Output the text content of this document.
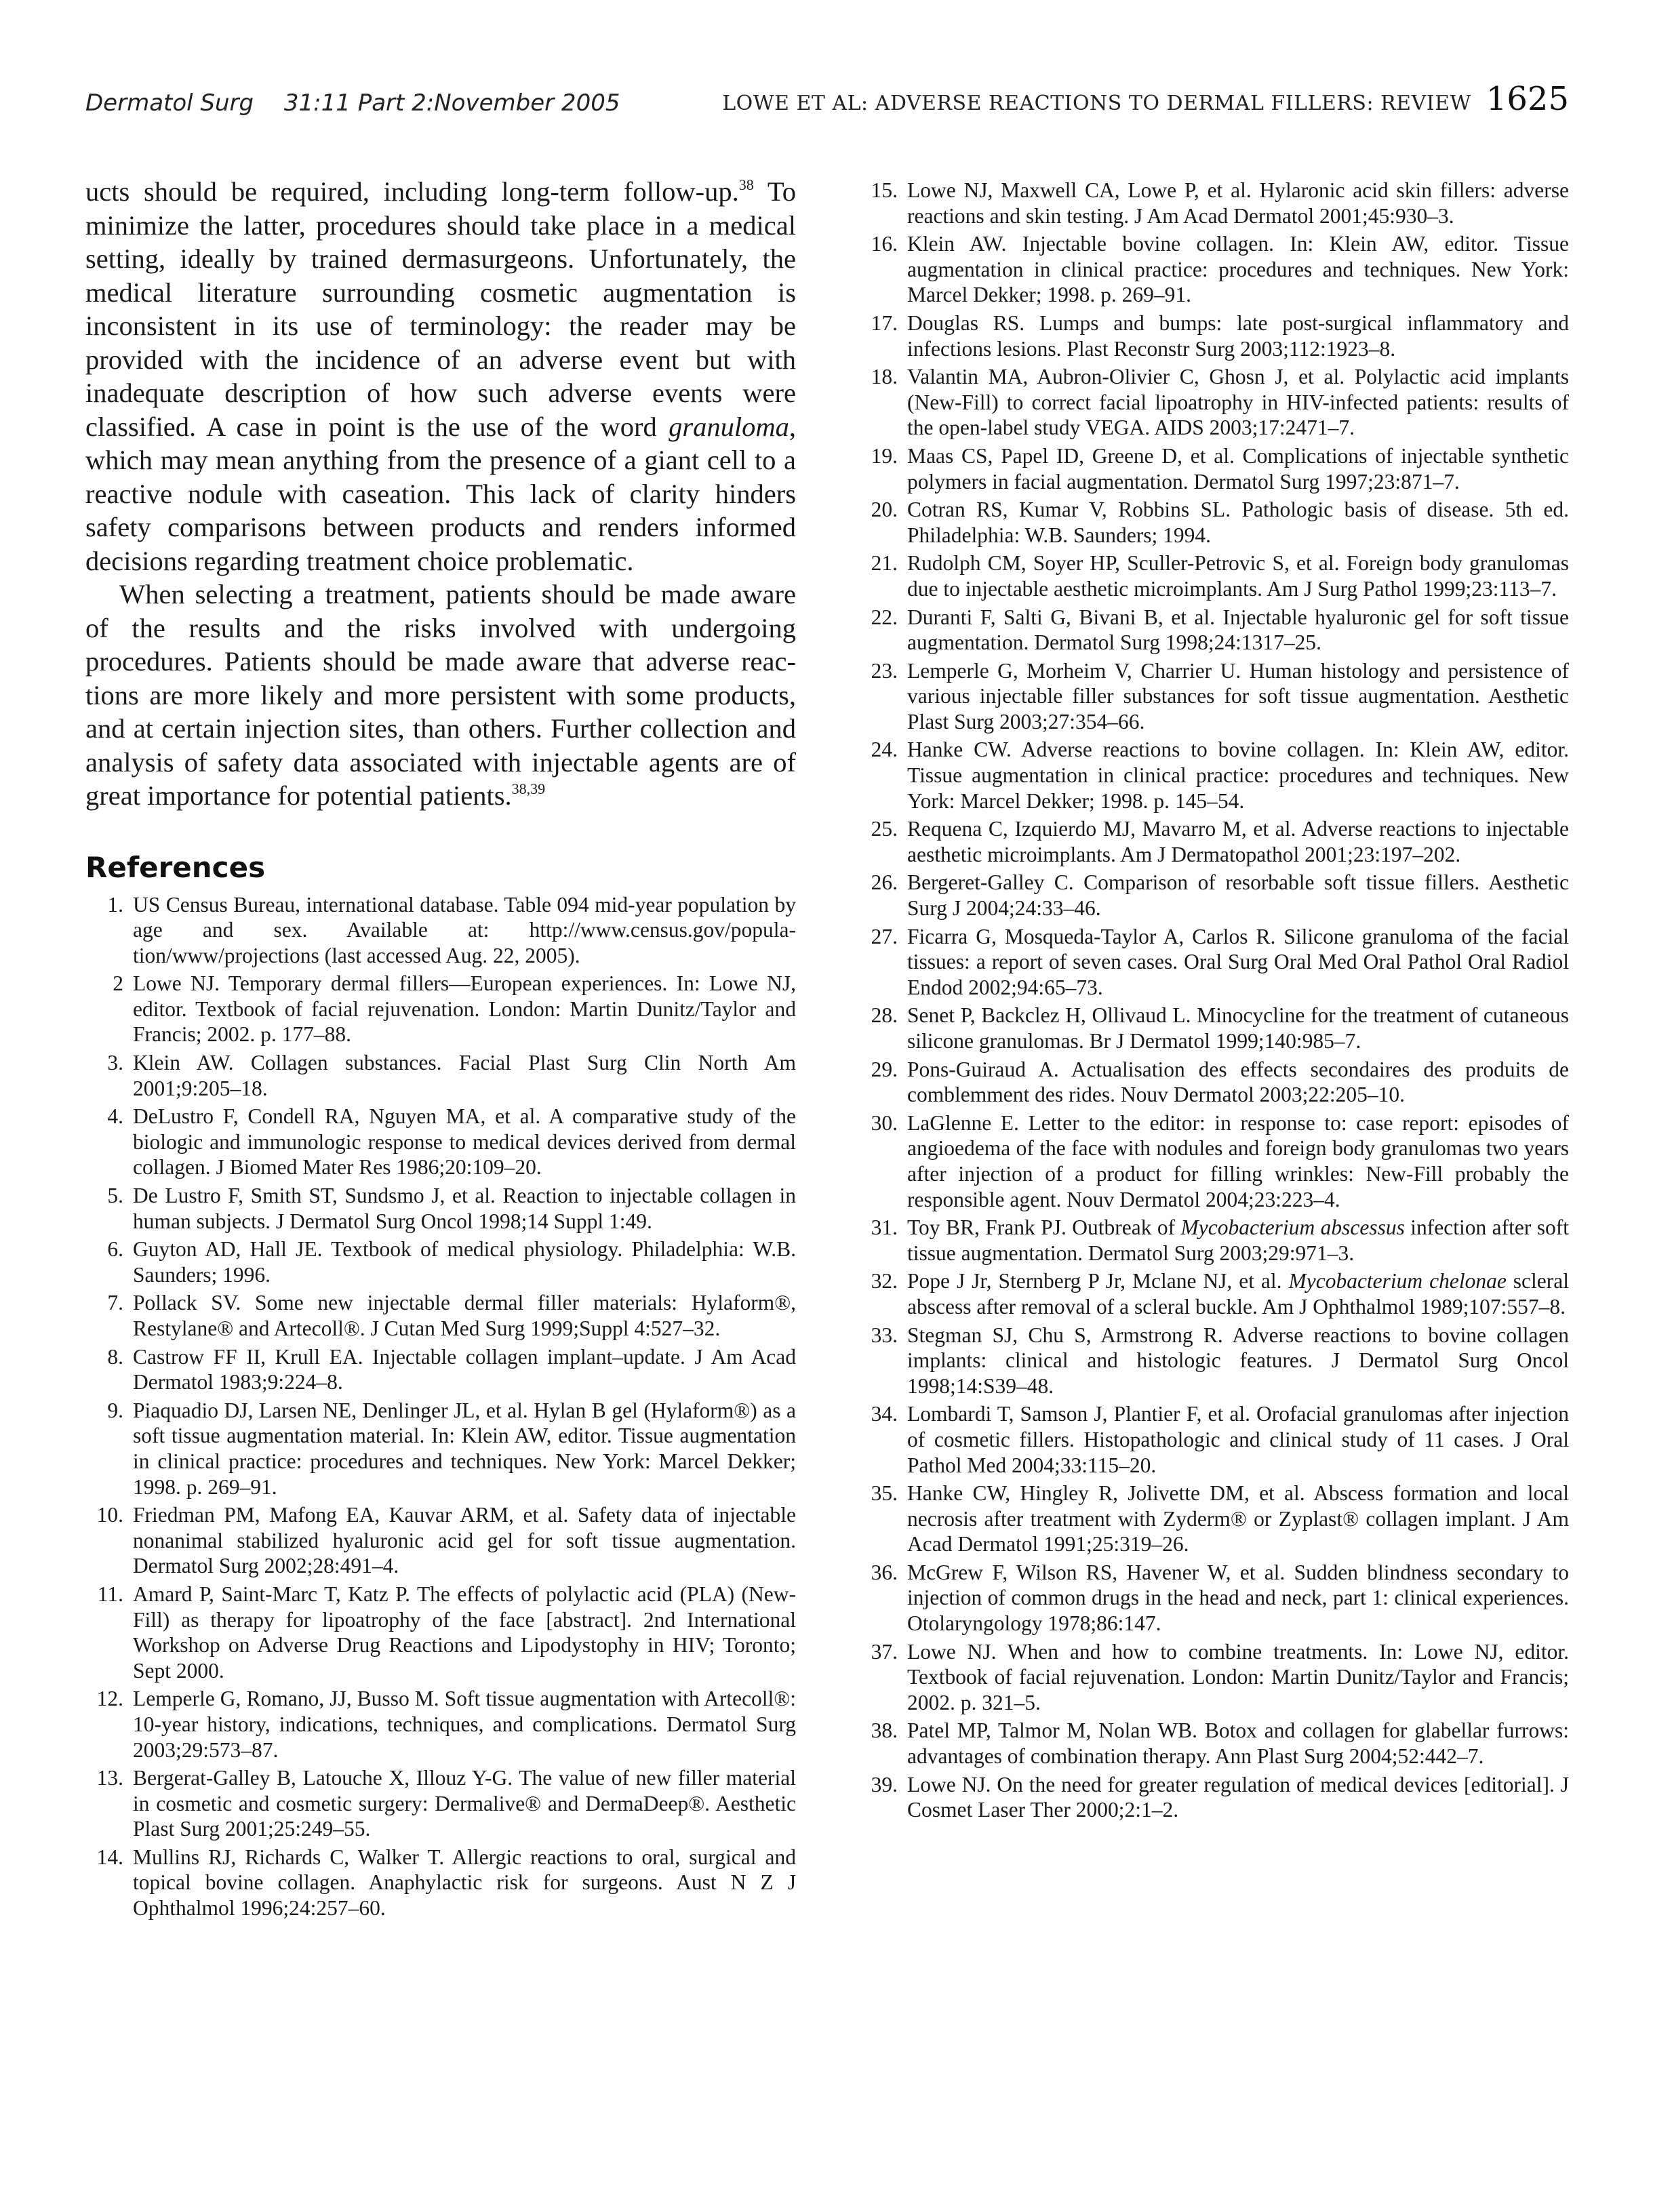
Dermatol Surg  31:11 Part 2:November 2005	LOWE ET AL: ADVERSE REACTIONS TO DERMAL FILLERS: REVIEW 1625

ucts should be required, including long-term follow-up.$^{38}$ To minimize the latter, procedures should take place in a medical setting, ideally by trained dermasurgeons. Unfortunately, the medical literature surrounding cosmetic augmentation is inconsistent in its use of terminology: the reader may be provided with the incidence of an adverse event but with inadequate description of how such adverse events were classified. A case in point is the use of the word granuloma, which may mean anything from the presence of a giant cell to a reactive nodule with caseation. This lack of clarity hinders safety comparisons between products and renders informed decisions regarding treatment choice problematic.

When selecting a treatment, patients should be made aware of the results and the risks involved with undergoing procedures. Patients should be made aware that adverse reactions are more likely and more persistent with some products, and at certain injection sites, than others. Further collection and analysis of safety data associated with injectable agents are of great importance for potential patients.$^{38,39}$

References
1. US Census Bureau, international database. Table 094 mid-year population by age and sex. Available at: http://www.census.gov/population/www/projections (last accessed Aug. 22, 2005).
2 Lowe NJ. Temporary dermal fillers—European experiences. In: Lowe NJ, editor. Textbook of facial rejuvenation. London: Martin Dunitz/Taylor and Francis; 2002. p. 177–88.
3. Klein AW. Collagen substances. Facial Plast Surg Clin North Am 2001;9:205–18.
4. DeLustro F, Condell RA, Nguyen MA, et al. A comparative study of the biologic and immunologic response to medical devices derived from dermal collagen. J Biomed Mater Res 1986;20:109–20.
5. De Lustro F, Smith ST, Sundsmo J, et al. Reaction to injectable collagen in human subjects. J Dermatol Surg Oncol 1998;14 Suppl 1:49.
6. Guyton AD, Hall JE. Textbook of medical physiology. Philadelphia: W.B. Saunders; 1996.
7. Pollack SV. Some new injectable dermal filler materials: Hylaform®, Restylane® and Artecoll®. J Cutan Med Surg 1999;Suppl 4:527–32.
8. Castrow FF II, Krull EA. Injectable collagen implant–update. J Am Acad Dermatol 1983;9:224–8.
9. Piaquadio DJ, Larsen NE, Denlinger JL, et al. Hylan B gel (Hylaform®) as a soft tissue augmentation material. In: Klein AW, editor. Tissue augmentation in clinical practice: procedures and techniques. New York: Marcel Dekker; 1998. p. 269–91.
10. Friedman PM, Mafong EA, Kauvar ARM, et al. Safety data of injectable nonanimal stabilized hyaluronic acid gel for soft tissue augmentation. Dermatol Surg 2002;28:491–4.
11. Amard P, Saint-Marc T, Katz P. The effects of polylactic acid (PLA) (New-Fill) as therapy for lipoatrophy of the face [abstract]. 2nd International Workshop on Adverse Drug Reactions and Lipodystophy in HIV; Toronto; Sept 2000.
12. Lemperle G, Romano, JJ, Busso M. Soft tissue augmentation with Artecoll®: 10-year history, indications, techniques, and complications. Dermatol Surg 2003;29:573–87.
13. Bergerat-Galley B, Latouche X, Illouz Y-G. The value of new filler material in cosmetic and cosmetic surgery: Dermalive® and DermaDeep®. Aesthetic Plast Surg 2001;25:249–55.
14. Mullins RJ, Richards C, Walker T. Allergic reactions to oral, surgical and topical bovine collagen. Anaphylactic risk for surgeons. Aust N Z J Ophthalmol 1996;24:257–60.
15. Lowe NJ, Maxwell CA, Lowe P, et al. Hylaronic acid skin fillers: adverse reactions and skin testing. J Am Acad Dermatol 2001;45:930–3.
16. Klein AW. Injectable bovine collagen. In: Klein AW, editor. Tissue augmentation in clinical practice: procedures and techniques. New York: Marcel Dekker; 1998. p. 269–91.
17. Douglas RS. Lumps and bumps: late post-surgical inflammatory and infections lesions. Plast Reconstr Surg 2003;112:1923–8.
18. Valantin MA, Aubron-Olivier C, Ghosn J, et al. Polylactic acid implants (New-Fill) to correct facial lipoatrophy in HIV-infected patients: results of the open-label study VEGA. AIDS 2003;17:2471–7.
19. Maas CS, Papel ID, Greene D, et al. Complications of injectable synthetic polymers in facial augmentation. Dermatol Surg 1997;23:871–7.
20. Cotran RS, Kumar V, Robbins SL. Pathologic basis of disease. 5th ed. Philadelphia: W.B. Saunders; 1994.
21. Rudolph CM, Soyer HP, Sculler-Petrovic S, et al. Foreign body granulomas due to injectable aesthetic microimplants. Am J Surg Pathol 1999;23:113–7.
22. Duranti F, Salti G, Bivani B, et al. Injectable hyaluronic gel for soft tissue augmentation. Dermatol Surg 1998;24:1317–25.
23. Lemperle G, Morheim V, Charrier U. Human histology and persistence of various injectable filler substances for soft tissue augmentation. Aesthetic Plast Surg 2003;27:354–66.
24. Hanke CW. Adverse reactions to bovine collagen. In: Klein AW, editor. Tissue augmentation in clinical practice: procedures and techniques. New York: Marcel Dekker; 1998. p. 145–54.
25. Requena C, Izquierdo MJ, Mavarro M, et al. Adverse reactions to injectable aesthetic microimplants. Am J Dermatopathol 2001;23:197–202.
26. Bergeret-Galley C. Comparison of resorbable soft tissue fillers. Aesthetic Surg J 2004;24:33–46.
27. Ficarra G, Mosqueda-Taylor A, Carlos R. Silicone granuloma of the facial tissues: a report of seven cases. Oral Surg Oral Med Oral Pathol Oral Radiol Endod 2002;94:65–73.
28. Senet P, Backclez H, Ollivaud L. Minocycline for the treatment of cutaneous silicone granulomas. Br J Dermatol 1999;140:985–7.
29. Pons-Guiraud A. Actualisation des effects secondaires des produits de comblemment des rides. Nouv Dermatol 2003;22:205–10.
30. LaGlenne E. Letter to the editor: in response to: case report: episodes of angioedema of the face with nodules and foreign body granulomas two years after injection of a product for filling wrinkles: New-Fill probably the responsible agent. Nouv Dermatol 2004;23:223–4.
31. Toy BR, Frank PJ. Outbreak of Mycobacterium abscessus infection after soft tissue augmentation. Dermatol Surg 2003;29:971–3.
32. Pope J Jr, Sternberg P Jr, Mclane NJ, et al. Mycobacterium chelonae scleral abscess after removal of a scleral buckle. Am J Ophthalmol 1989;107:557–8.
33. Stegman SJ, Chu S, Armstrong R. Adverse reactions to bovine collagen implants: clinical and histologic features. J Dermatol Surg Oncol 1998;14:S39–48.
34. Lombardi T, Samson J, Plantier F, et al. Orofacial granulomas after injection of cosmetic fillers. Histopathologic and clinical study of 11 cases. J Oral Pathol Med 2004;33:115–20.
35. Hanke CW, Hingley R, Jolivette DM, et al. Abscess formation and local necrosis after treatment with Zyderm® or Zyplast® collagen implant. J Am Acad Dermatol 1991;25:319–26.
36. McGrew F, Wilson RS, Havener W, et al. Sudden blindness secondary to injection of common drugs in the head and neck, part 1: clinical experiences. Otolaryngology 1978;86:147.
37. Lowe NJ. When and how to combine treatments. In: Lowe NJ, editor. Textbook of facial rejuvenation. London: Martin Dunitz/Taylor and Francis; 2002. p. 321–5.
38. Patel MP, Talmor M, Nolan WB. Botox and collagen for glabellar furrows: advantages of combination therapy. Ann Plast Surg 2004;52:442–7.
39. Lowe NJ. On the need for greater regulation of medical devices [editorial]. J Cosmet Laser Ther 2000;2:1–2.
